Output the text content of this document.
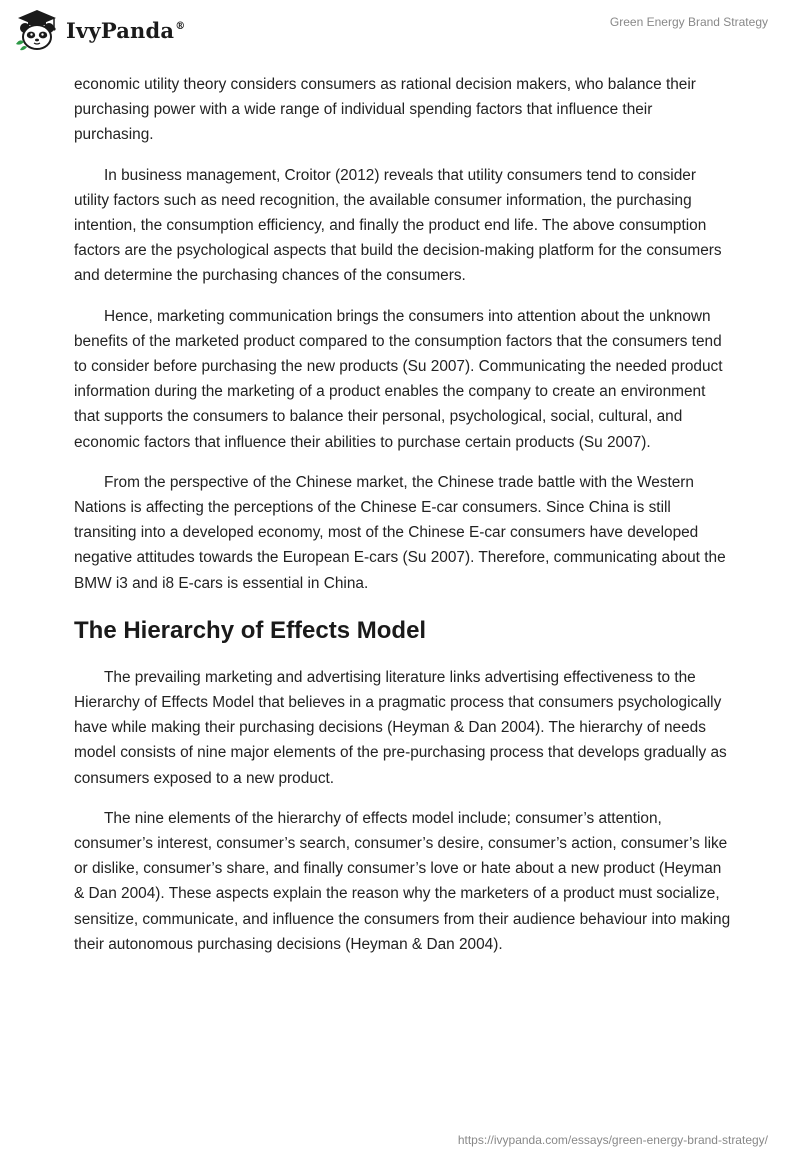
IvyPanda®	Green Energy Brand Strategy

economic utility theory considers consumers as rational decision makers, who balance their purchasing power with a wide range of individual spending factors that influence their purchasing.

In business management, Croitor (2012) reveals that utility consumers tend to consider utility factors such as need recognition, the available consumer information, the purchasing intention, the consumption efficiency, and finally the product end life. The above consumption factors are the psychological aspects that build the decision-making platform for the consumers and determine the purchasing chances of the consumers.

Hence, marketing communication brings the consumers into attention about the unknown benefits of the marketed product compared to the consumption factors that the consumers tend to consider before purchasing the new products (Su 2007). Communicating the needed product information during the marketing of a product enables the company to create an environment that supports the consumers to balance their personal, psychological, social, cultural, and economic factors that influence their abilities to purchase certain products (Su 2007).

From the perspective of the Chinese market, the Chinese trade battle with the Western Nations is affecting the perceptions of the Chinese E-car consumers. Since China is still transiting into a developed economy, most of the Chinese E-car consumers have developed negative attitudes towards the European E-cars (Su 2007). Therefore, communicating about the BMW i3 and i8 E-cars is essential in China.

The Hierarchy of Effects Model

The prevailing marketing and advertising literature links advertising effectiveness to the Hierarchy of Effects Model that believes in a pragmatic process that consumers psychologically have while making their purchasing decisions (Heyman & Dan 2004). The hierarchy of needs model consists of nine major elements of the pre-purchasing process that develops gradually as consumers exposed to a new product.

The nine elements of the hierarchy of effects model include; consumer’s attention, consumer’s interest, consumer’s search, consumer’s desire, consumer’s action, consumer’s like or dislike, consumer’s share, and finally consumer’s love or hate about a new product (Heyman & Dan 2004). These aspects explain the reason why the marketers of a product must socialize, sensitize, communicate, and influence the consumers from their audience behaviour into making their autonomous purchasing decisions (Heyman & Dan 2004).

https://ivypanda.com/essays/green-energy-brand-strategy/
